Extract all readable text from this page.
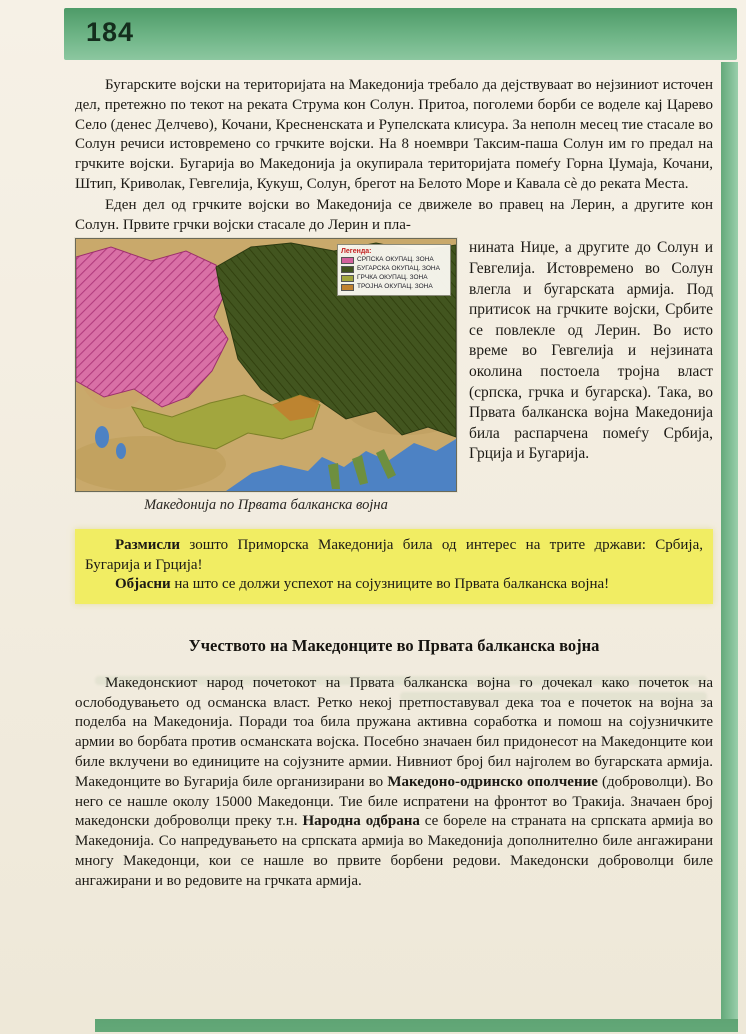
184

Бугарските војски на територијата на Македонија требало да дејствуваат во нејзиниот источен дел, претежно по текот на реката Струма кон Солун. Притоа, поголеми борби се воделе кај Царево Село (денес Делчево), Кочани, Кресненската и Рупелската клисура. За неполн месец тие стасале во Солун речиси истовремено со грчките војски. На 8 ноември Таксим-паша Солун им го предал на грчките војски. Бугарија во Македонија ја окупирала територијата помеѓу Горна Џумаја, Кочани, Штип, Криволак, Гевгелија, Кукуш, Солун, брегот на Белото Море и Кавала сè до реката Места.

Еден дел од грчките војски во Македонија се движеле во правец на Лерин, а другите кон Солун. Првите грчки војски стасале до Лерин и пла-

Легенда:
СРПСКА ОКУПАЦ. ЗОНА
БУГАРСКА ОКУПАЦ. ЗОНА
ГРЧКА ОКУПАЦ. ЗОНА
ТРОЈНА ОКУПАЦ. ЗОНА
Македонија по Првата балканска војна

нината Ниџе, а другите до Солун и Гевгелија. Истовремено во Солун влегла и бугарската армија. Под притисок на грчките војски, Србите се повлекле од Лерин. Во исто време во Гевгелија и нејзината околина постоела тројна власт (српска, грчка и бугарска). Така, во Првата балканска војна Македонија била распарчена помеѓу Србија, Грција и Бугарија.

Размисли зошто Приморска Македонија била од интерес на трите држави: Србија, Бугарија и Грција!

Објасни на што се должи успехот на сојузниците во Првата балканска војна!

Учеството на Македонците во Првата балканска војна

Македонскиот народ почетокот на Првата балканска војна го дочекал како почеток на ослободувањето од османска власт. Ретко некој претпоставувал дека тоа е почеток на војна за поделба на Македонија. Поради тоа била пружана активна соработка и помош на сојузничките армии во борбата против османската војска. Посебно значаен бил придонесот на Македонците кои биле вклучени во единиците на сојузните армии. Нивниот број бил најголем во бугарската армија. Македонците во Бугарија биле организирани во Македоно-одринско ополчение (доброволци). Во него се нашле околу 15000 Македонци. Тие биле испратени на фронтот во Тракија. Значаен број македонски доброволци преку т.н. Народна одбрана се бореле на страната на српската армија во Македонија. Со напредувањето на српската армија во Македонија дополнително биле ангажирани многу Македонци, кои се нашле во првите борбени редови. Македонски доброволци биле ангажирани и во редовите на грчката армија.
